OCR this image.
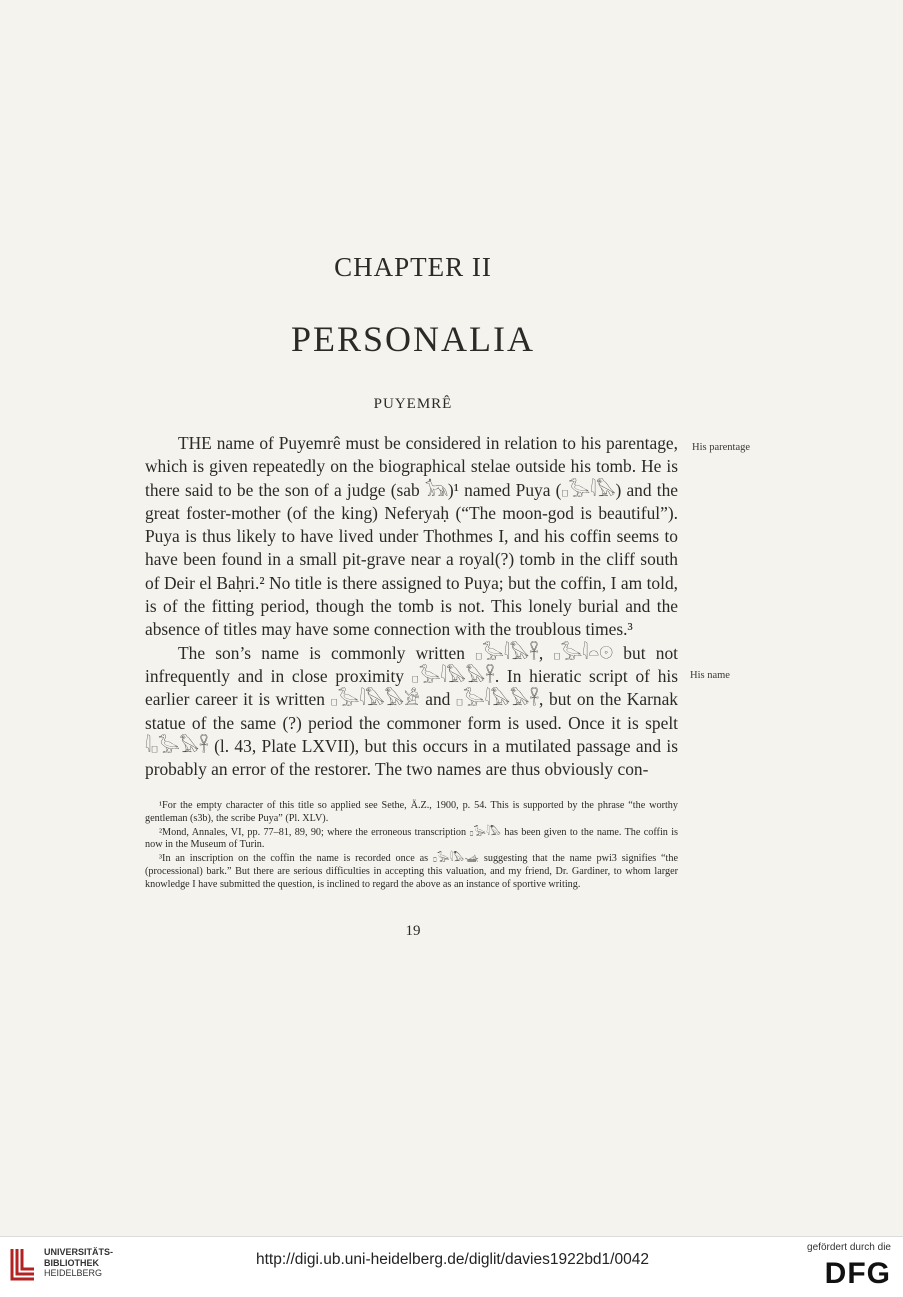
CHAPTER II
PERSONALIA
PUYEMRÊ
His parentage
His name

THE name of Puyemrê must be considered in relation to his parentage, which is given repeatedly on the biographical stelae outside his tomb. He is there said to be the son of a judge (sab 𓃥)¹ named Puya (𓊪𓅭𓇋𓅃) and the great foster-mother (of the king) Neferyaḥ (“The moon-god is beautiful”). Puya is thus likely to have lived under Thothmes I, and his coffin seems to have been found in a small pit-grave near a royal(?) tomb in the cliff south of Deir el Baḥri.² No title is there assigned to Puya; but the coffin, I am told, is of the fitting period, though the tomb is not. This lonely burial and the absence of titles may have some connection with the troublous times.³

The son’s name is commonly written 𓊪𓅭𓇋𓅃𓋹, 𓊪𓅭𓇋𓏏𓇳 but not infrequently and in close proximity 𓊪𓅭𓇋𓅃𓅃𓋹. In hieratic script of his earlier career it is written 𓊪𓅭𓇋𓅃𓅃𓀀 and 𓊪𓅭𓇋𓅃𓅃𓋹, but on the Karnak statue of the same (?) period the commoner form is used. Once it is spelt 𓇋𓊪𓅭𓅃𓋹 (l. 43, Plate LXVII), but this occurs in a mutilated passage and is probably an error of the restorer. The two names are thus obviously con-

¹For the empty character of this title so applied see Sethe, Ä.Z., 1900, p. 54. This is supported by the phrase “the worthy gentleman (s3b), the scribe Puya” (Pl. XLV).

²Mond, Annales, VI, pp. 77–81, 89, 90; where the erroneous transcription 𓊪𓅭𓇋𓅃 has been given to the name. The coffin is now in the Museum of Turin.

³In an inscription on the coffin the name is recorded once as 𓊪𓅭𓇋𓅃𓊛 suggesting that the name pwi3 signifies “the (processional) bark.” But there are serious difficulties in accepting this valuation, and my friend, Dr. Gardiner, to whom larger knowledge I have submitted the question, is inclined to regard the above as an instance of sportive writing.

19
UNIVERSITÄTS-
BIBLIOTHEK
HEIDELBERG
http://digi.ub.uni-heidelberg.de/diglit/davies1922bd1/0042
gefördert durch die
DFG
